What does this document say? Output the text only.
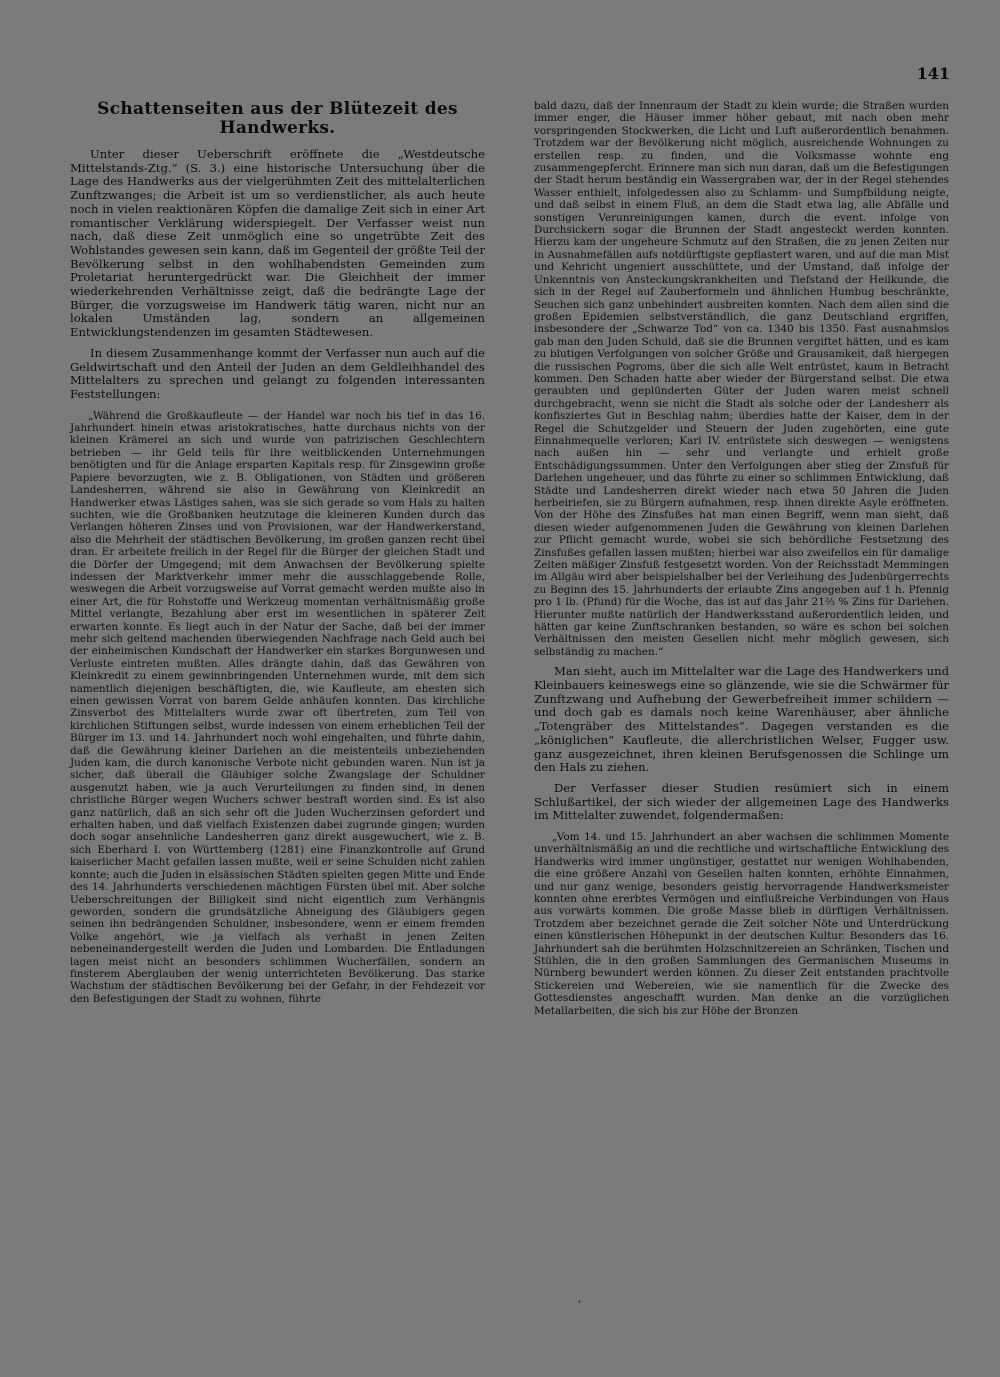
141
Schattenseiten aus der Blütezeit des Handwerks.

Unter dieser Ueberschrift eröffnete die „Westdeutsche Mittelstands-Ztg.“ (S. 3.) eine historische Untersuchung über die Lage des Handwerks aus der vielgerühmten Zeit des mittelalterlichen Zunftzwanges; die Arbeit ist um so verdienstlicher, als auch heute noch in vielen reaktionären Köpfen die damalige Zeit sich in einer Art romantischer Verklärung widerspiegelt. Der Verfasser weist nun nach, daß diese Zeit unmöglich eine so ungetrübte Zeit des Wohlstandes gewesen sein kann, daß im Gegenteil der größte Teil der Bevölkerung selbst in den wohlhabendsten Gemeinden zum Proletariat heruntergedrückt war. Die Gleichheit der immer wiederkehrenden Verhältnisse zeigt, daß die bedrängte Lage der Bürger, die vorzugsweise im Handwerk tätig waren, nicht nur an lokalen Umständen lag, sondern an allgemeinen Entwicklungstendenzen im gesamten Städtewesen.

In diesem Zusammenhange kommt der Verfasser nun auch auf die Geldwirtschaft und den Anteil der Juden an dem Geldleihhandel des Mittelalters zu sprechen und gelangt zu folgenden interessanten Feststellungen:

„Während die Großkaufleute — der Handel war noch bis tief in das 16. Jahrhundert hinein etwas aristokratisches, hatte durchaus nichts von der kleinen Krämerei an sich und wurde von patrizischen Geschlechtern betrieben — ihr Geld teils für ihre weitblickenden Unternehmungen benötigten und für die Anlage ersparten Kapitals resp. für Zinsgewinn große Papiere bevorzugten, wie z. B. Obligationen, von Städten und größeren Landesherren, während sie also in Gewährung von Kleinkredit an Handwerker etwas Lästiges sahen, was sie sich gerade so vom Hals zu halten suchten, wie die Großbanken heutzutage die kleineren Kunden durch das Verlangen höheren Zinses und von Provisionen, war der Handwerkerstand, also die Mehrheit der städtischen Bevölkerung, im großen ganzen recht übel dran. Er arbeitete freilich in der Regel für die Bürger der gleichen Stadt und die Dörfer der Umgegend; mit dem Anwachsen der Bevölkerung spielte indessen der Marktverkehr immer mehr die ausschlaggebende Rolle, weswegen die Arbeit vorzugsweise auf Vorrat gemacht werden mußte also in einer Art, die für Rohstoffe und Werkzeug momentan verhältnismäßig große Mittel verlangte, Bezahlung aber erst im wesentlichen in späterer Zeit erwarten konnte. Es liegt auch in der Natur der Sache, daß bei der immer mehr sich geltend machenden überwiegenden Nachfrage nach Geld auch bei der einheimischen Kundschaft der Handwerker ein starkes Borgunwesen und Verluste eintreten mußten. Alles drängte dahin, daß das Gewähren von Kleinkredit zu einem gewinnbringenden Unternehmen wurde, mit dem sich namentlich diejenigen beschäftigten, die, wie Kaufleute, am ehesten sich einen gewissen Vorrat von barem Gelde anhäufen konnten. Das kirchliche Zinsverbot des Mittelalters wurde zwar oft übertreten, zum Teil von kirchlichen Stiftungen selbst, wurde indessen von einem erheblichen Teil der Bürger im 13. und 14. Jahrhundert noch wohl eingehalten, und führte dahin, daß die Gewährung kleiner Darlehen an die meistenteils unbeziehenden Juden kam, die durch kanonische Verbote nicht gebunden waren. Nun ist ja sicher, daß überall die Gläubiger solche Zwangslage der Schuldner ausgenutzt haben, wie ja auch Verurteilungen zu finden sind, in denen christliche Bürger wegen Wuchers schwer bestraft worden sind. Es ist also ganz natürlich, daß an sich sehr oft die Juden Wucherzinsen gefordert und erhalten haben, und daß vielfach Existenzen dabei zugrunde gingen; wurden doch sogar ansehnliche Landesherren ganz direkt ausgewuchert, wie z. B. sich Eberhard I. von Württemberg (1281) eine Finanzkontrolle auf Grund kaiserlicher Macht gefallen lassen mußte, weil er seine Schulden nicht zahlen konnte; auch die Juden in elsässischen Städten spielten gegen Mitte und Ende des 14. Jahrhunderts verschiedenen mächtigen Fürsten übel mit. Aber solche Ueberschreitungen der Billigkeit sind nicht eigentlich zum Verhängnis geworden, sondern die grundsätzliche Abneigung des Gläubigers gegen seinen ihn bedrängenden Schuldner, insbesondere, wenn er einem fremden Volke angehört, wie ja vielfach als verhaßt in jenen Zeiten nebeneinandergestellt werden die Juden und Lombarden. Die Entladungen lagen meist nicht an besonders schlimmen Wucherfällen, sondern an finsterem Aberglauben der wenig unterrichteten Bevölkerung. Das starke Wachstum der städtischen Bevölkerung bei der Gefahr, in der Fehdezeit vor den Befestigungen der Stadt zu wohnen, führte

bald dazu, daß der Innenraum der Stadt zu klein wurde; die Straßen wurden immer enger, die Häuser immer höher gebaut, mit nach oben mehr vorspringenden Stockwerken, die Licht und Luft außerordentlich benahmen. Trotzdem war der Bevölkerung nicht möglich, ausreichende Wohnungen zu erstellen resp. zu finden, und die Volksmasse wohnte eng zusammengepfercht. Erinnere man sich nun daran, daß um die Befestigungen der Stadt herum beständig ein Wassergraben war, der in der Regel stehendes Wasser enthielt, infolgedessen also zu Schlamm- und Sumpfbildung neigte, und daß selbst in einem Fluß, an dem die Stadt etwa lag, alle Abfälle und sonstigen Verunreinigungen kamen, durch die event. infolge von Durchsickern sogar die Brunnen der Stadt angesteckt werden konnten. Hierzu kam der ungeheure Schmutz auf den Straßen, die zu jenen Zeiten nur in Ausnahmefällen aufs notdürftigste gepflastert waren, und auf die man Mist und Kehricht ungeniert ausschüttete, und der Umstand, daß infolge der Unkenntnis von Ansteckungskrankheiten und Tiefstand der Heilkunde, die sich in der Regel auf Zauberformeln und ähnlichen Humbug beschränkte, Seuchen sich ganz unbehindert ausbreiten konnten. Nach dem allen sind die großen Epidemien selbstverständlich, die ganz Deutschland ergriffen, insbesondere der „Schwarze Tod“ von ca. 1340 bis 1350. Fast ausnahmslos gab man den Juden Schuld, daß sie die Brunnen vergiftet hätten, und es kam zu blutigen Verfolgungen von solcher Größe und Grausamkeit, daß hiergegen die russischen Pogroms, über die sich alle Welt entrüstet, kaum in Betracht kommen. Den Schaden hatte aber wieder der Bürgerstand selbst. Die etwa geraubten und geplünderten Güter der Juden waren meist schnell durchgebracht, wenn sie nicht die Stadt als solche oder der Landesherr als konfisziertes Gut in Beschlag nahm; überdies hatte der Kaiser, dem in der Regel die Schutzgelder und Steuern der Juden zugehörten, eine gute Einnahmequelle verloren; Karl IV. entrüstete sich deswegen — wenigstens nach außen hin — sehr und verlangte und erhielt große Entschädigungssummen. Unter den Verfolgungen aber stieg der Zinsfuß für Darlehen ungeheuer, und das führte zu einer so schlimmen Entwicklung, daß Städte und Landesherren direkt wieder nach etwa 50 Jahren die Juden herbeiriefen, sie zu Bürgern aufnahmen, resp. ihnen direkte Asyle eröffneten. Von der Höhe des Zinsfußes hat man einen Begriff, wenn man sieht, daß diesen wieder aufgenommenen Juden die Gewährung von kleinen Darlehen zur Pflicht gemacht wurde, wobei sie sich behördliche Festsetzung des Zinsfußes gefallen lassen mußten; hierbei war also zweifellos ein für damalige Zeiten mäßiger Zinsfuß festgesetzt worden. Von der Reichsstadt Memmingen im Allgäu wird aber beispielshalber bei der Verleihung des Judenbürgerrechts zu Beginn des 15. Jahrhunderts der erlaubte Zins angegeben auf 1 h. Pfennig pro 1 lb. (Pfund) für die Woche, das ist auf das Jahr 21⅔ % Zins für Darlehen. Hierunter mußte natürlich der Handwerksstand außerordentlich leiden, und hätten gar keine Zunftschranken bestanden, so wäre es schon bei solchen Verhältnissen den meisten Gesellen nicht mehr möglich gewesen, sich selbständig zu machen.“

Man sieht, auch im Mittelalter war die Lage des Handwerkers und Kleinbauers keineswegs eine so glänzende, wie sie die Schwärmer für Zunftzwang und Aufhebung der Gewerbefreiheit immer schildern — und doch gab es damals noch keine Warenhäuser, aber ähnliche „Totengräber des Mittelstandes“. Dagegen verstanden es die „königlichen“ Kaufleute, die allerchristlichen Welser, Fugger usw. ganz ausgezeichnet, ihren kleinen Berufsgenossen die Schlinge um den Hals zu ziehen.

Der Verfasser dieser Studien resümiert sich in einem Schlußartikel, der sich wieder der allgemeinen Lage des Handwerks im Mittelalter zuwendet, folgendermaßen:

„Vom 14. und 15. Jahrhundert an aber wachsen die schlimmen Momente unverhältnismäßig an und die rechtliche und wirtschaftliche Entwicklung des Handwerks wird immer ungünstiger, gestattet nur wenigen Wohlhabenden, die eine größere Anzahl von Gesellen halten konnten, erhöhte Einnahmen, und nur ganz wenige, besonders geistig hervorragende Handwerksmeister konnten ohne ererbtes Vermögen und einflußreiche Verbindungen von Haus aus vorwärts kommen. Die große Masse blieb in dürftigen Verhältnissen. Trotzdem aber bezeichnet gerade die Zeit solcher Nöte und Unterdrückung einen künstlerischen Höhepunkt in der deutschen Kultur. Besonders das 16. Jahrhundert sah die berühmten Holzschnitzereien an Schränken, Tischen und Stühlen, die in den großen Sammlungen des Germanischen Museums in Nürnberg bewundert werden können. Zu dieser Zeit entstanden prachtvolle Stickereien und Webereien, wie sie namentlich für die Zwecke des Gottesdienstes angeschafft wurden. Man denke an die vorzüglichen Metallarbeiten, die sich bis zur Höhe der Bronzen

ʼ
